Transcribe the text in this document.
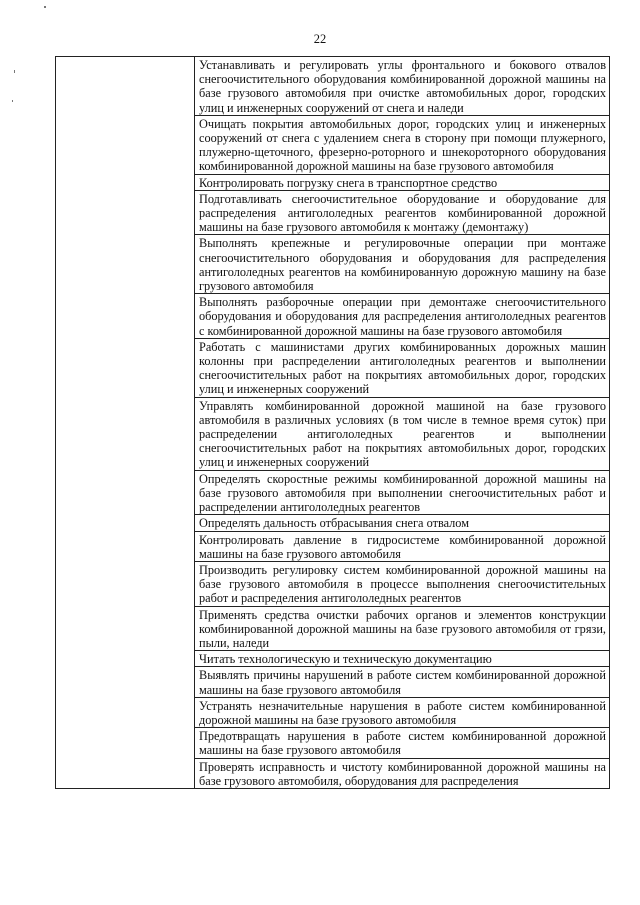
22

Устанавливать и регулировать углы фронтального и бокового отвалов снегоочистительного оборудования комбинированной дорожной машины на базе грузового автомобиля при очистке автомобильных дорог, городских улиц и инженерных сооружений от снега и наледи

Очищать покрытия автомобильных дорог, городских улиц и инженерных сооружений от снега с удалением снега в сторону при помощи плужерного, плужерно-щеточного, фрезерно-роторного и шнекороторного оборудования комбинированной дорожной машины на базе грузового автомобиля

Контролировать погрузку снега в транспортное средство

Подготавливать снегоочистительное оборудование и оборудование для распределения антигололедных реагентов комбинированной дорожной машины на базе грузового автомобиля к монтажу (демонтажу)

Выполнять крепежные и регулировочные операции при монтаже снегоочистительного оборудования и оборудования для распределения антигололедных реагентов на комбинированную дорожную машину на базе грузового автомобиля

Выполнять разборочные операции при демонтаже снегоочистительного оборудования и оборудования для распределения антигололедных реагентов с комбинированной дорожной машины на базе грузового автомобиля

Работать с машинистами других комбинированных дорожных машин колонны при распределении антигололедных реагентов и выполнении снегоочистительных работ на покрытиях автомобильных дорог, городских улиц и инженерных сооружений

Управлять комбинированной дорожной машиной на базе грузового автомобиля в различных условиях (в том числе в темное время суток) при распределении антигололедных реагентов и выполнении снегоочистительных работ на покрытиях автомобильных дорог, городских улиц и инженерных сооружений

Определять скоростные режимы комбинированной дорожной машины на базе грузового автомобиля при выполнении снегоочистительных работ и распределении антигололедных реагентов

Определять дальность отбрасывания снега отвалом

Контролировать давление в гидросистеме комбинированной дорожной машины на базе грузового автомобиля

Производить регулировку систем комбинированной дорожной машины на базе грузового автомобиля в процессе выполнения снегоочистительных работ и распределения антигололедных реагентов

Применять средства очистки рабочих органов и элементов конструкции комбинированной дорожной машины на базе грузового автомобиля от грязи, пыли, наледи

Читать технологическую и техническую документацию

Выявлять причины нарушений в работе систем комбинированной дорожной машины на базе грузового автомобиля

Устранять незначительные нарушения в работе систем комбинированной дорожной машины на базе грузового автомобиля

Предотвращать нарушения в работе систем комбинированной дорожной машины на базе грузового автомобиля

Проверять исправность и чистоту комбинированной дорожной машины на базе грузового автомобиля, оборудования для распределения
